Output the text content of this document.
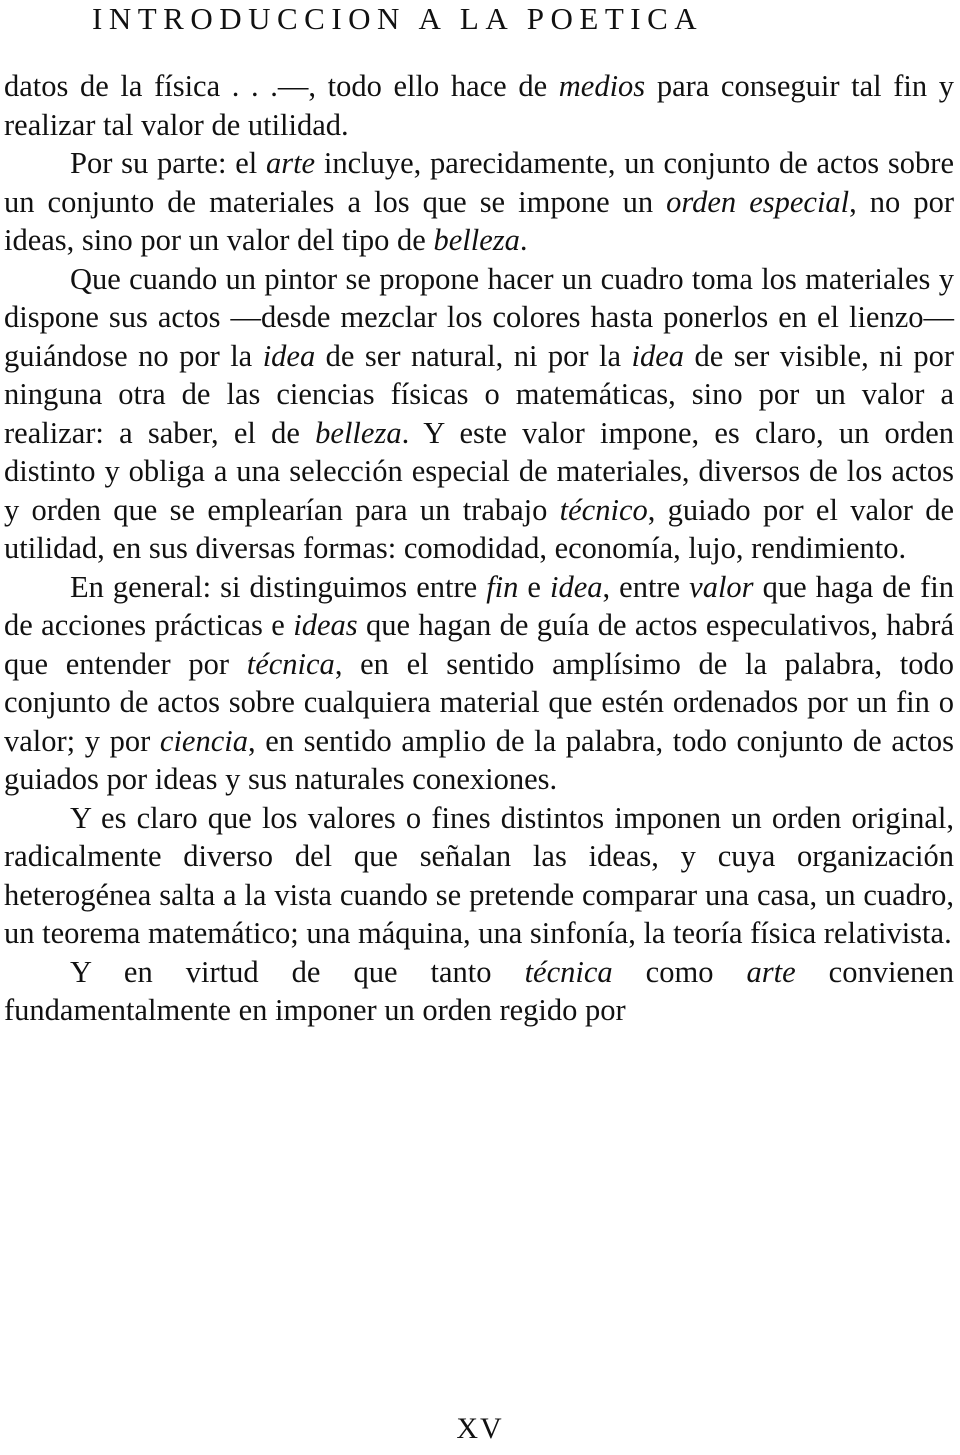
INTRODUCCION A LA POETICA

datos de la física . . .—, todo ello hace de medios para conseguir tal fin y realizar tal valor de utilidad.

Por su parte: el arte incluye, parecidamente, un conjunto de actos sobre un conjunto de materiales a los que se impone un orden especial, no por ideas, sino por un valor del tipo de belleza.

Que cuando un pintor se propone hacer un cuadro toma los materiales y dispone sus actos —desde mezclar los colores hasta ponerlos en el lienzo— guiándose no por la idea de ser natural, ni por la idea de ser visible, ni por ninguna otra de las ciencias físicas o matemáticas, sino por un valor a realizar: a saber, el de belleza. Y este valor impone, es claro, un orden distinto y obliga a una selección especial de materiales, diversos de los actos y orden que se emplearían para un trabajo técnico, guiado por el valor de utilidad, en sus diversas formas: comodidad, economía, lujo, rendimiento.

En general: si distinguimos entre fin e idea, entre valor que haga de fin de acciones prácticas e ideas que hagan de guía de actos especulativos, habrá que entender por técnica, en el sentido amplísimo de la palabra, todo conjunto de actos sobre cualquiera material que estén ordenados por un fin o valor; y por ciencia, en sentido amplio de la palabra, todo conjunto de actos guiados por ideas y sus naturales conexiones.

Y es claro que los valores o fines distintos imponen un orden original, radicalmente diverso del que señalan las ideas, y cuya organización heterogénea salta a la vista cuando se pretende comparar una casa, un cuadro, un teorema matemático; una máquina, una sinfonía, la teoría física relativista.

Y en virtud de que tanto técnica como arte convienen fundamentalmente en imponer un orden regido por

XV
